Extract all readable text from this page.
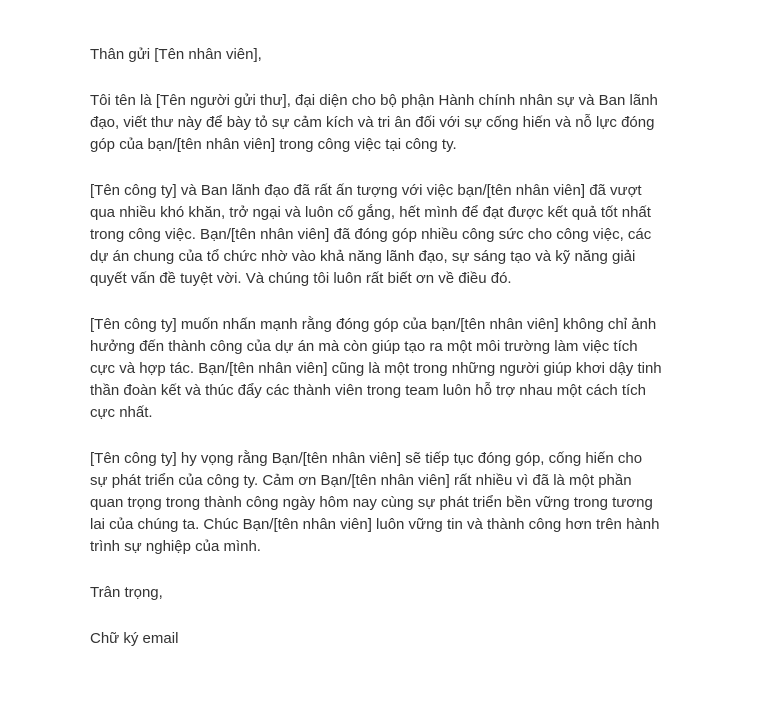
Thân gửi [Tên nhân viên],

Tôi tên là [Tên người gửi thư], đại diện cho bộ phận Hành chính nhân sự và Ban lãnh
đạo, viết thư này để bày tỏ sự cảm kích và tri ân đối với sự cống hiến và nỗ lực đóng
góp của bạn/[tên nhân viên] trong công việc tại công ty.

[Tên công ty] và Ban lãnh đạo đã rất ấn tượng với việc bạn/[tên nhân viên] đã vượt
qua nhiều khó khăn, trở ngại và luôn cố gắng, hết mình để đạt được kết quả tốt nhất
trong công việc. Bạn/[tên nhân viên] đã đóng góp nhiều công sức cho công việc, các
dự án chung của tổ chức nhờ vào khả năng lãnh đạo, sự sáng tạo và kỹ năng giải
quyết vấn đề tuyệt vời. Và chúng tôi luôn rất biết ơn về điều đó.

[Tên công ty] muốn nhấn mạnh rằng đóng góp của bạn/[tên nhân viên] không chỉ ảnh
hưởng đến thành công của dự án mà còn giúp tạo ra một môi trường làm việc tích
cực và hợp tác. Bạn/[tên nhân viên] cũng là một trong những người giúp khơi dậy tinh
thần đoàn kết và thúc đẩy các thành viên trong team luôn hỗ trợ nhau một cách tích
cực nhất.

[Tên công ty] hy vọng rằng Bạn/[tên nhân viên] sẽ tiếp tục đóng góp, cống hiến cho
sự phát triển của công ty. Cảm ơn Bạn/[tên nhân viên] rất nhiều vì đã là một phần
quan trọng trong thành công ngày hôm nay cùng sự phát triển bền vững trong tương
lai của chúng ta. Chúc Bạn/[tên nhân viên] luôn vững tin và thành công hơn trên hành
trình sự nghiệp của mình.

Trân trọng,

Chữ ký email
